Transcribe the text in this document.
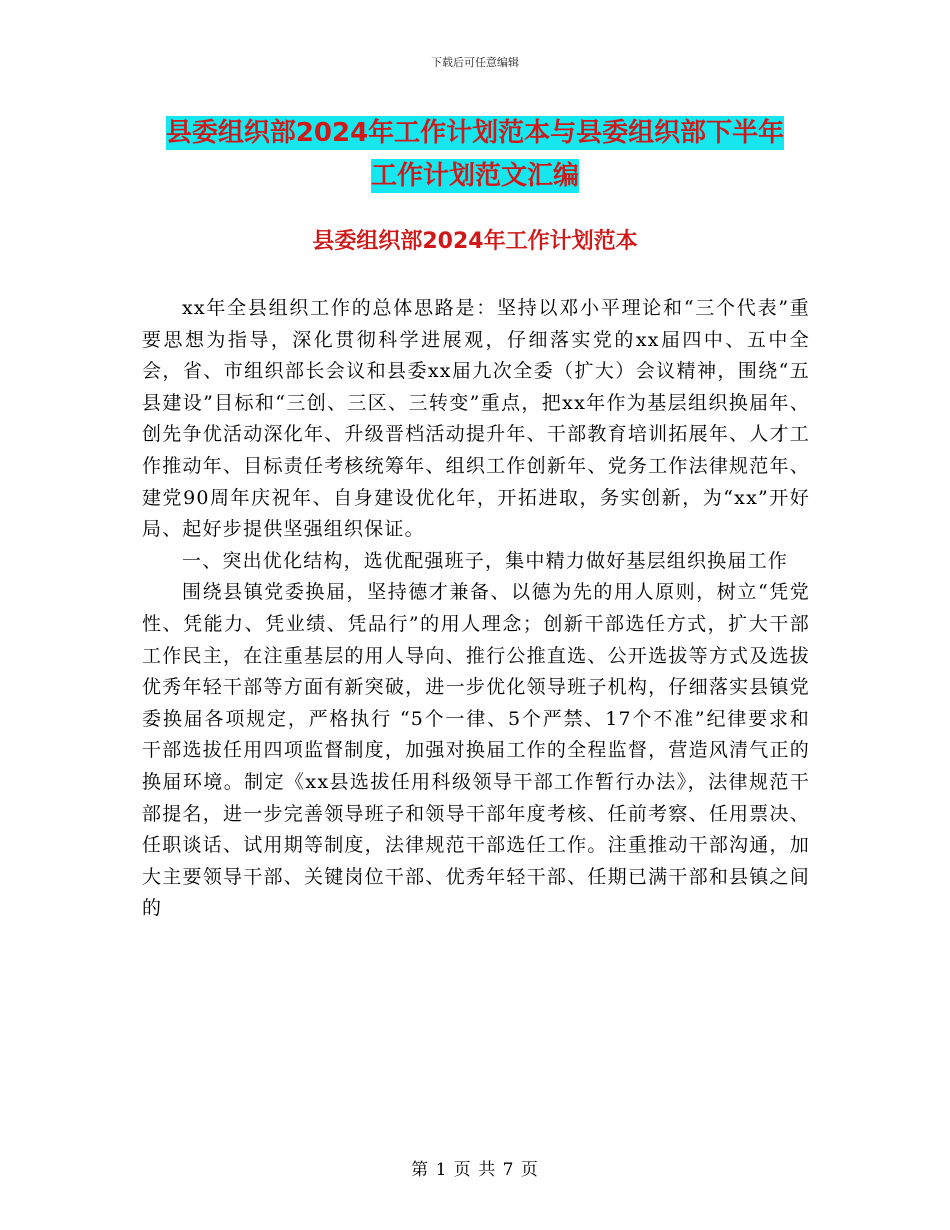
下载后可任意编辑
县委组织部2024年工作计划范本与县委组织部下半年
工作计划范文汇编
县委组织部2024年工作计划范本

xx年全县组织工作的总体思路是：坚持以邓小平理论和“三个代表”重要思想为指导，深化贯彻科学进展观，仔细落实党的xx届四中、五中全会，省、市组织部长会议和县委xx届九次全委（扩大）会议精神，围绕“五县建设”目标和“三创、三区、三转变”重点，把xx年作为基层组织换届年、创先争优活动深化年、升级晋档活动提升年、干部教育培训拓展年、人才工作推动年、目标责任考核统筹年、组织工作创新年、党务工作法律规范年、建党90周年庆祝年、自身建设优化年，开拓进取，务实创新，为“xx”开好局、起好步提供坚强组织保证。

一、突出优化结构，选优配强班子，集中精力做好基层组织换届工作

围绕县镇党委换届，坚持德才兼备、以德为先的用人原则，树立“凭党性、凭能力、凭业绩、凭品行”的用人理念；创新干部选任方式，扩大干部工作民主，在注重基层的用人导向、推行公推直选、公开选拔等方式及选拔优秀年轻干部等方面有新突破，进一步优化领导班子机构，仔细落实县镇党委换届各项规定，严格执行 “5个一律、5个严禁、17个不准”纪律要求和干部选拔任用四项监督制度，加强对换届工作的全程监督，营造风清气正的换届环境。制定《xx县选拔任用科级领导干部工作暂行办法》，法律规范干部提名，进一步完善领导班子和领导干部年度考核、任前考察、任用票决、任职谈话、试用期等制度，法律规范干部选任工作。注重推动干部沟通，加大主要领导干部、关键岗位干部、优秀年轻干部、任期已满干部和县镇之间的

第 1 页 共 7 页
